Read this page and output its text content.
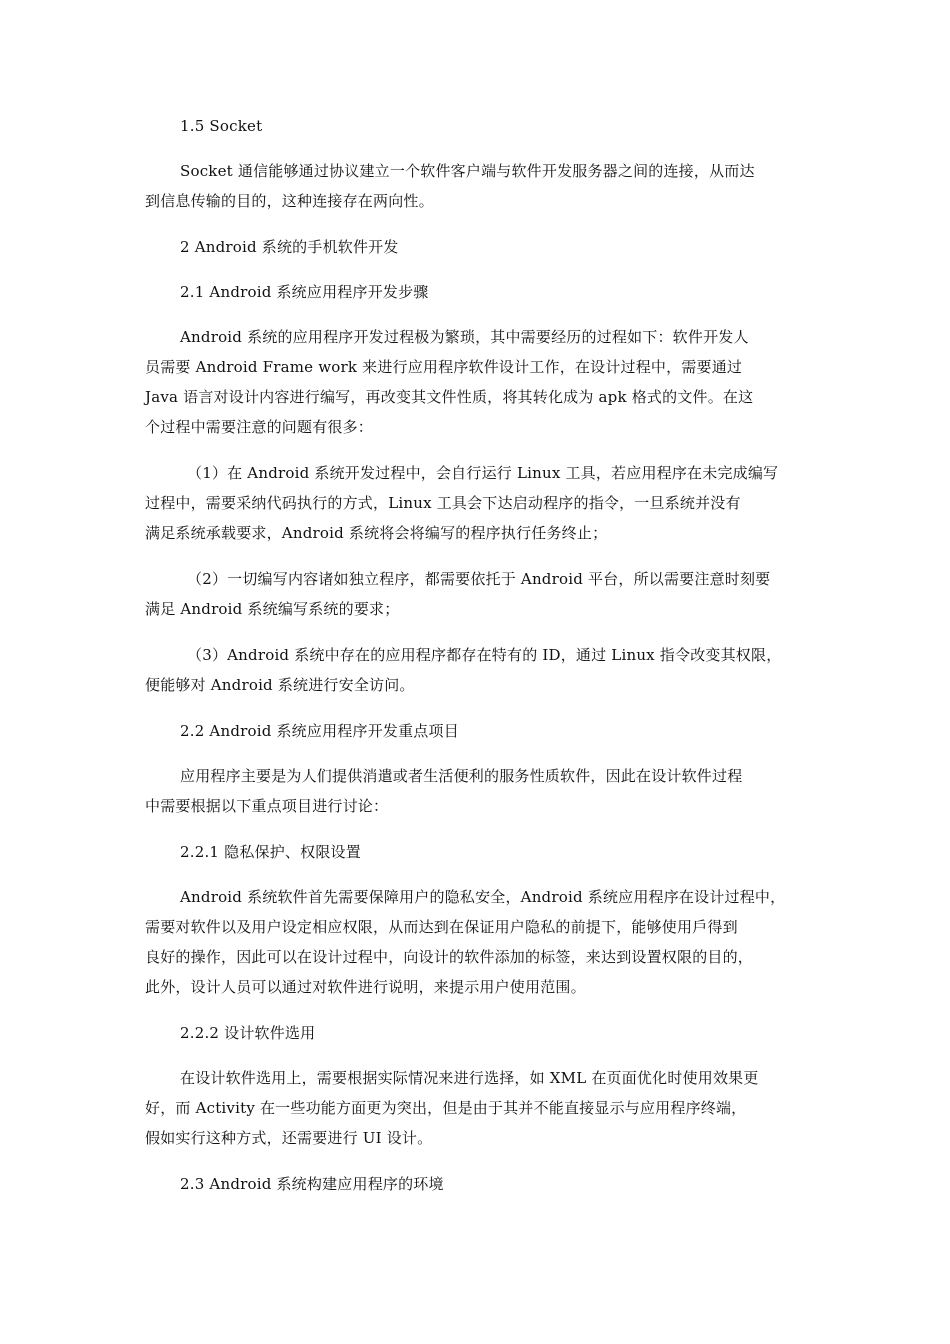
1.5 Socket
Socket 通信能够通过协议建立一个软件客户端与软件开发服务器之间的连接，从而达
到信息传输的目的，这种连接存在两向性。
2 Android 系统的手机软件开发
2.1 Android 系统应用程序开发步骤
Android 系统的应用程序开发过程极为繁琐，其中需要经历的过程如下：软件开发人
员需要 Android Frame work 来进行应用程序软件设计工作，在设计过程中，需要通过
Java 语言对设计内容进行编写，再改变其文件性质，将其转化成为 apk 格式的文件。在这
个过程中需要注意的问题有很多：
（1）在 Android 系统开发过程中，会自行运行 Linux 工具，若应用程序在未完成编写
过程中，需要采纳代码执行的方式，Linux 工具会下达启动程序的指令，一旦系统并没有
满足系统承载要求，Android 系统将会将编写的程序执行任务终止；
（2）一切编写内容诸如独立程序，都需要依托于 Android 平台，所以需要注意时刻要
满足 Android 系统编写系统的要求；
（3）Android 系统中存在的应用程序都存在特有的 ID，通过 Linux 指令改变其权限，
便能够对 Android 系统进行安全访问。
2.2 Android 系统应用程序开发重点项目
应用程序主要是为人们提供消遣或者生活便利的服务性质软件，因此在设计软件过程
中需要根据以下重点项目进行讨论：
2.2.1 隐私保护、权限设置
Android 系统软件首先需要保障用户的隐私安全，Android 系统应用程序在设计过程中，
需要对软件以及用户设定相应权限，从而达到在保证用户隐私的前提下，能够使用戶得到
良好的操作，因此可以在设计过程中，向设计的软件添加的标签，来达到设置权限的目的，
此外，设计人员可以通过对软件进行说明，来提示用户使用范围。
2.2.2 设计软件选用
在设计软件选用上，需要根据实际情况来进行选择，如 XML 在页面优化时使用效果更
好，而 Activity 在一些功能方面更为突出，但是由于其并不能直接显示与应用程序终端，
假如实行这种方式，还需要进行 UI 设计。
2.3 Android 系统构建应用程序的环境
